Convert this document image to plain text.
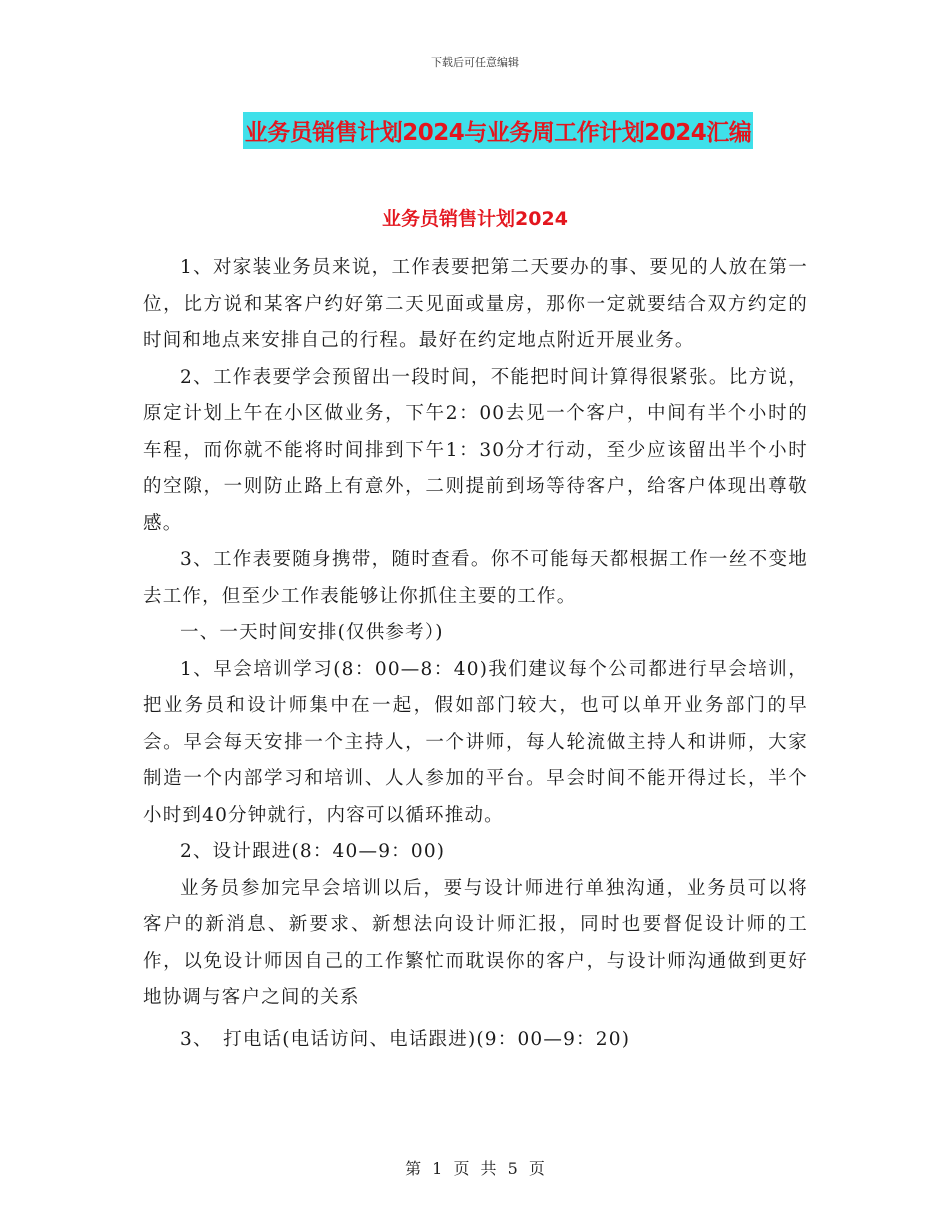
下载后可任意编辑
业务员销售计划2024与业务周工作计划2024汇编
业务员销售计划2024

1、对家装业务员来说，工作表要把第二天要办的事、要见的人放在第一位，比方说和某客户约好第二天见面或量房，那你一定就要结合双方约定的时间和地点来安排自己的行程。最好在约定地点附近开展业务。

2、工作表要学会预留出一段时间，不能把时间计算得很紧张。比方说，原定计划上午在小区做业务，下午2：00去见一个客户，中间有半个小时的车程，而你就不能将时间排到下午1：30分才行动，至少应该留出半个小时的空隙，一则防止路上有意外，二则提前到场等待客户，给客户体现出尊敬感。

3、工作表要随身携带，随时查看。你不可能每天都根据工作一丝不变地去工作，但至少工作表能够让你抓住主要的工作。

一、一天时间安排(仅供参考）)

1、早会培训学习(8：00—8：40)我们建议每个公司都进行早会培训，把业务员和设计师集中在一起，假如部门较大，也可以单开业务部门的早会。早会每天安排一个主持人，一个讲师，每人轮流做主持人和讲师，大家制造一个内部学习和培训、人人参加的平台。早会时间不能开得过长，半个小时到40分钟就行，内容可以循环推动。

2、设计跟进(8：40—9：00)

业务员参加完早会培训以后，要与设计师进行单独沟通，业务员可以将客户的新消息、新要求、新想法向设计师汇报，同时也要督促设计师的工作，以免设计师因自己的工作繁忙而耽误你的客户，与设计师沟通做到更好地协调与客户之间的关系

3、　打电话(电话访问、电话跟进)(9：00—9：20)

第 1 页 共 5 页
